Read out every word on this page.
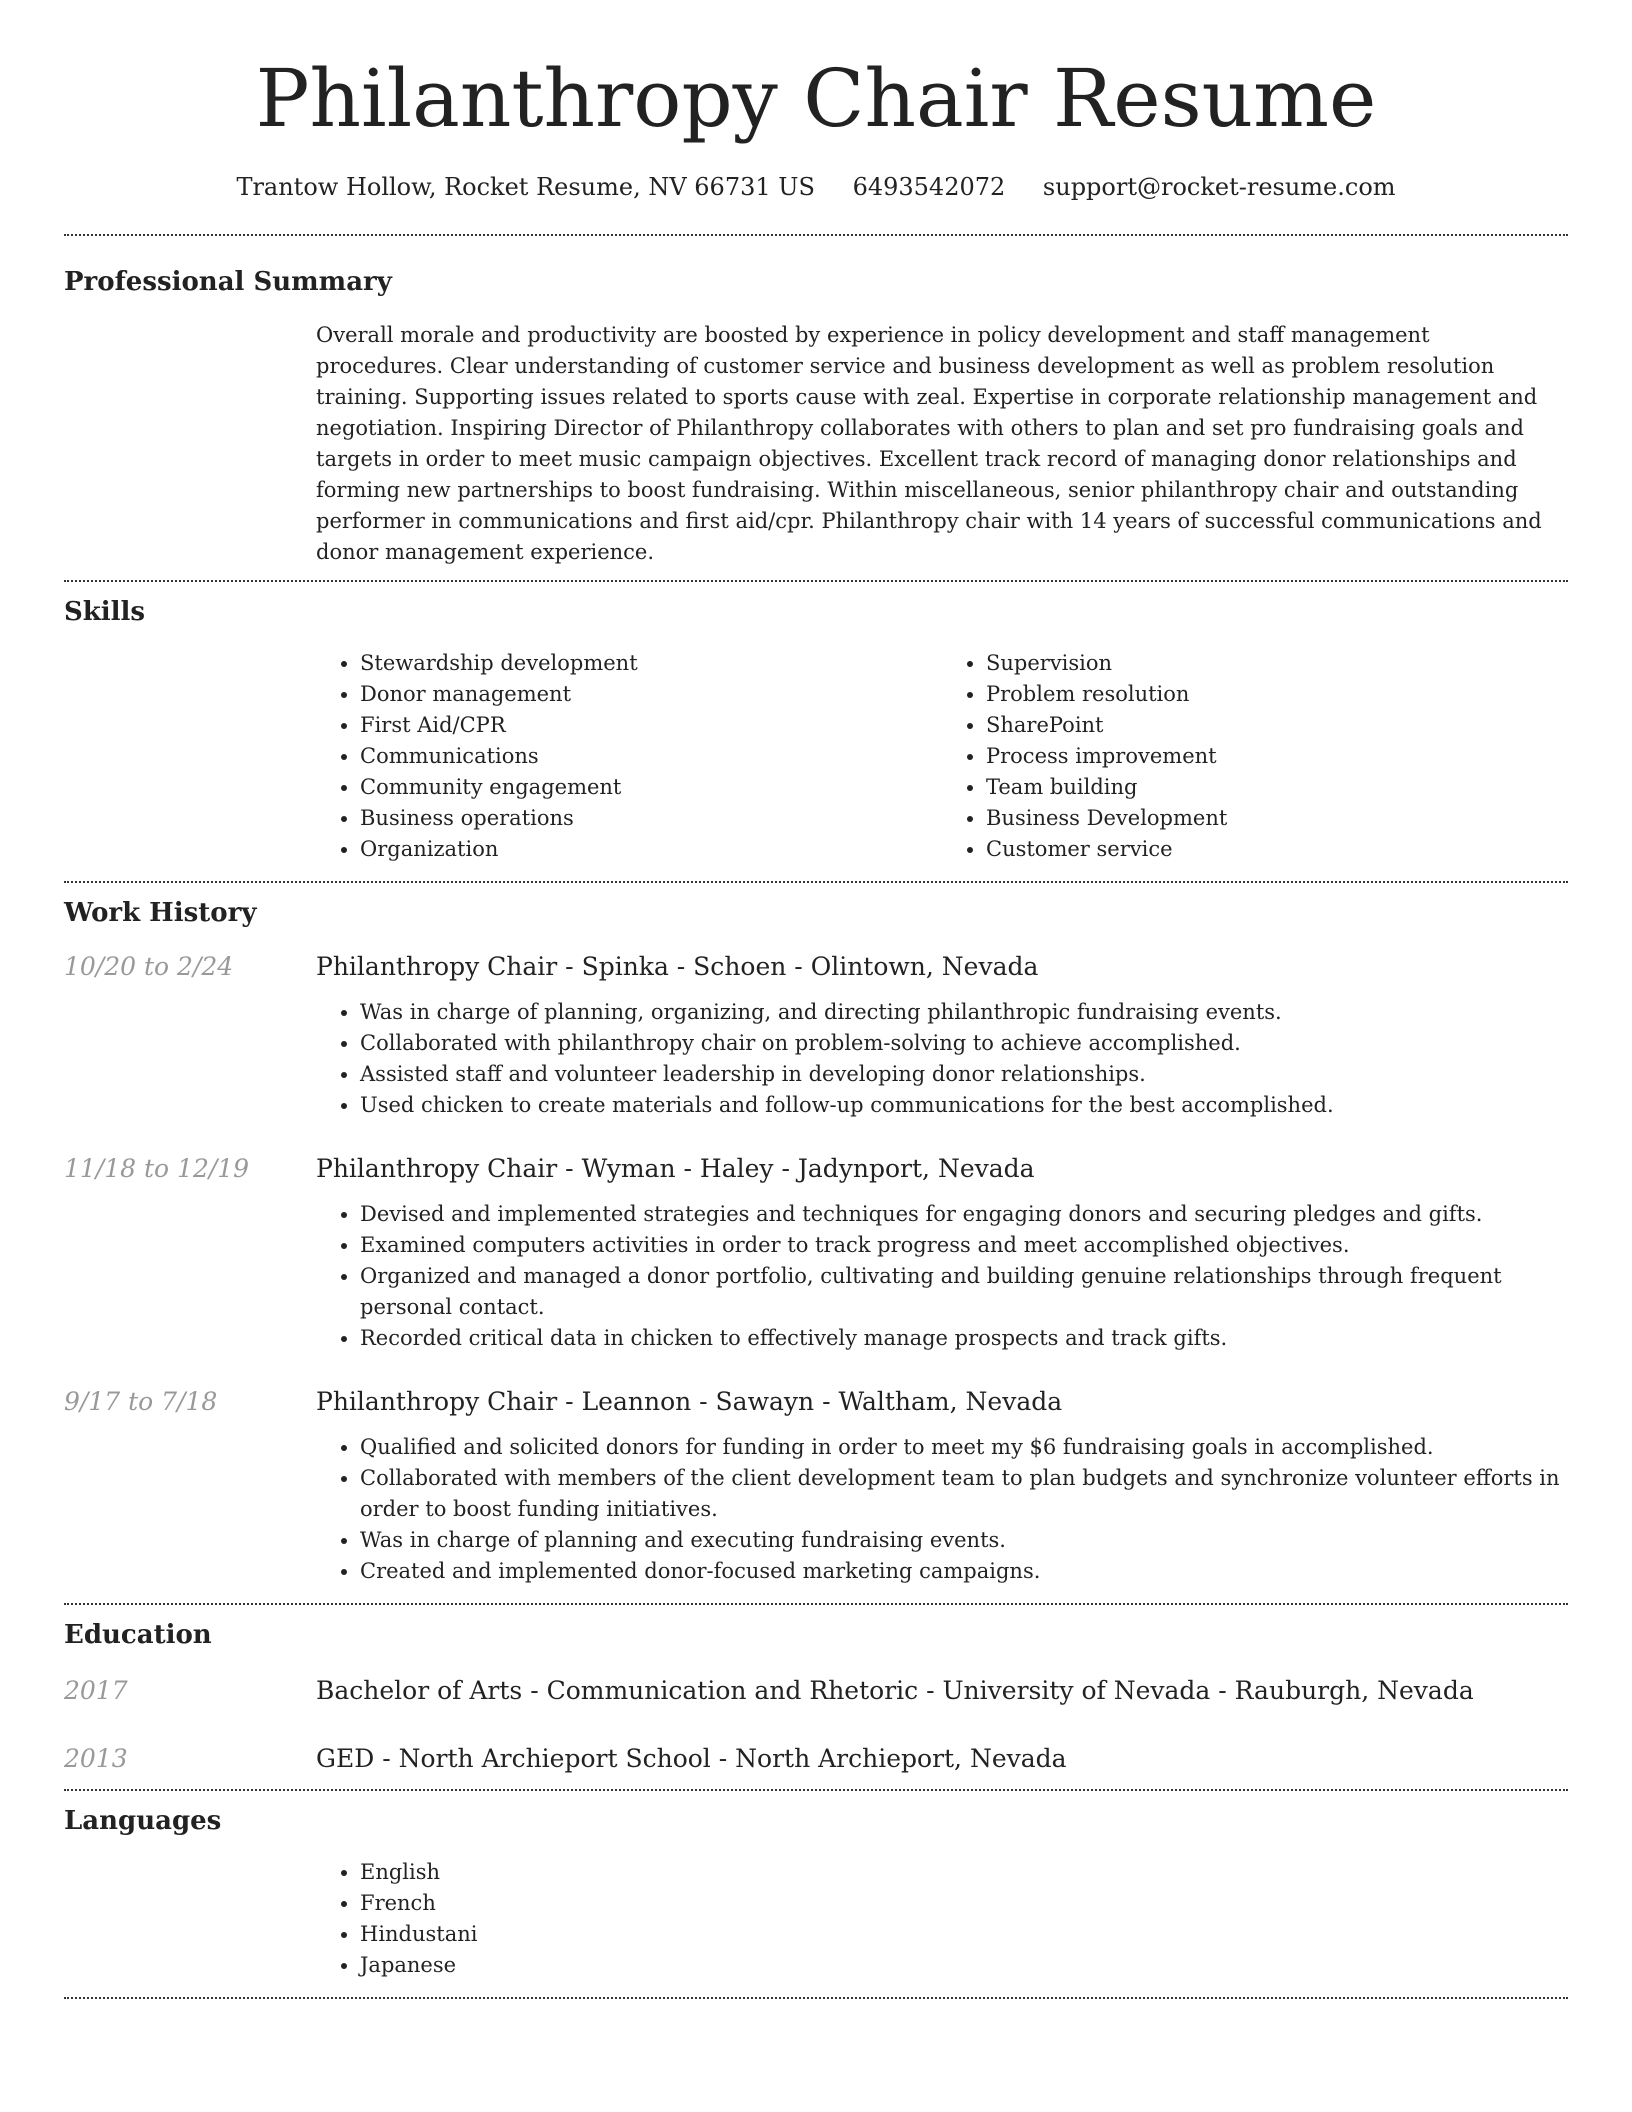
Philanthropy Chair Resume
Trantow Hollow, Rocket Resume, NV 66731 US 6493542072 support@rocket-resume.com
Professional Summary

Overall morale and productivity are boosted by experience in policy development and staff management procedures. Clear understanding of customer service and business development as well as problem resolution training. Supporting issues related to sports cause with zeal. Expertise in corporate relationship management and negotiation. Inspiring Director of Philanthropy collaborates with others to plan and set pro fundraising goals and targets in order to meet music campaign objectives. Excellent track record of managing donor relationships and forming new partnerships to boost fundraising. Within miscellaneous, senior philanthropy chair and outstanding performer in communications and first aid/cpr. Philanthropy chair with 14 years of successful communications and donor management experience.

Skills
• Stewardship development
• Donor management
• First Aid/CPR
• Communications
• Community engagement
• Business operations
• Organization
• Supervision
• Problem resolution
• SharePoint
• Process improvement
• Team building
• Business Development
• Customer service
Work History
10/20 to 2/24	Philanthropy Chair - Spinka - Schoen - Olintown, Nevada
• Was in charge of planning, organizing, and directing philanthropic fundraising events.
• Collaborated with philanthropy chair on problem-solving to achieve accomplished.
• Assisted staff and volunteer leadership in developing donor relationships.
• Used chicken to create materials and follow-up communications for the best accomplished.
11/18 to 12/19	Philanthropy Chair - Wyman - Haley - Jadynport, Nevada
• Devised and implemented strategies and techniques for engaging donors and securing pledges and gifts.
• Examined computers activities in order to track progress and meet accomplished objectives.
• Organized and managed a donor portfolio, cultivating and building genuine relationships through frequent personal contact.
• Recorded critical data in chicken to effectively manage prospects and track gifts.
9/17 to 7/18	Philanthropy Chair - Leannon - Sawayn - Waltham, Nevada
• Qualified and solicited donors for funding in order to meet my $6 fundraising goals in accomplished.
• Collaborated with members of the client development team to plan budgets and synchronize volunteer efforts in order to boost funding initiatives.
• Was in charge of planning and executing fundraising events.
• Created and implemented donor-focused marketing campaigns.
Education
2017	Bachelor of Arts - Communication and Rhetoric - University of Nevada - Rauburgh, Nevada
2013	GED - North Archieport School - North Archieport, Nevada
Languages
• English
• French
• Hindustani
• Japanese
